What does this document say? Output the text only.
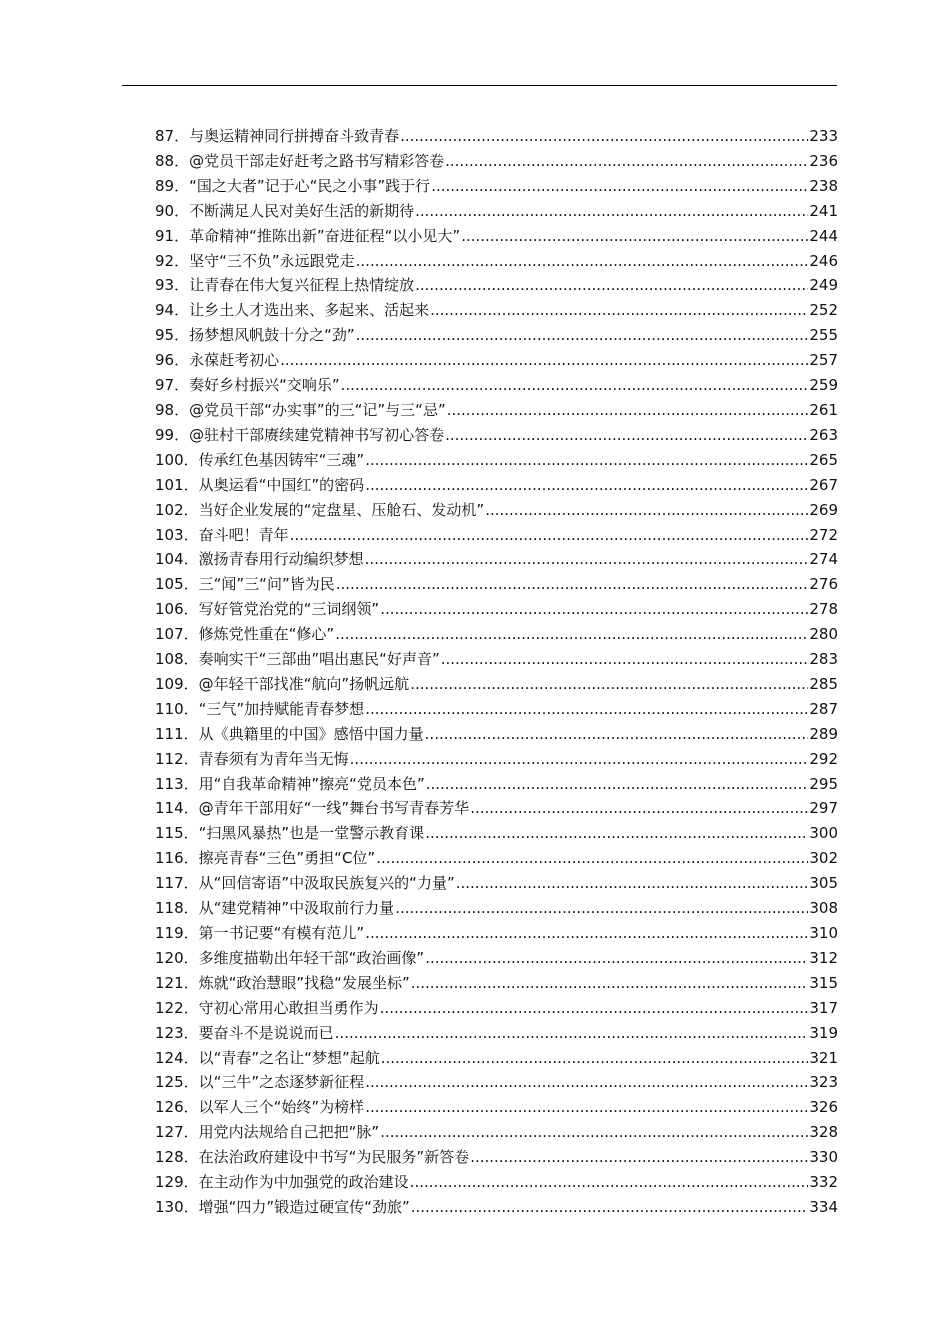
87． 与奥运精神同行拼搏奋斗致青春 .....	233
88． @党员干部走好赶考之路书写精彩答卷 .....	236
89． “国之大者”记于心“民之小事”践于行 .....	238
90． 不断满足人民对美好生活的新期待 .....	241
91． 革命精神“推陈出新”奋进征程“以小见大” .....	244
92． 坚守“三不负”永远跟党走 .....	246
93． 让青春在伟大复兴征程上热情绽放 .....	249
94． 让乡土人才选出来、多起来、活起来 .....	252
95． 扬梦想风帆鼓十分之“劲” .....	255
96． 永葆赶考初心 .....	257
97． 奏好乡村振兴“交响乐” .....	259
98． @党员干部“办实事”的三“记”与三“忌” .....	261
99． @驻村干部赓续建党精神书写初心答卷 .....	263
100． 传承红色基因铸牢“三魂” .....	265
101． 从奥运看“中国红”的密码 .....	267
102． 当好企业发展的“定盘星、压舱石、发动机” .....	269
103． 奋斗吧！青年 .....	272
104． 激扬青春用行动编织梦想 .....	274
105． 三“闻”三“问”皆为民 .....	276
106． 写好管党治党的“三词纲领” .....	278
107． 修炼党性重在“修心” .....	280
108． 奏响实干“三部曲”唱出惠民“好声音” .....	283
109． @年轻干部找准“航向”扬帆远航 .....	285
110． “三气”加持赋能青春梦想 .....	287
111． 从《典籍里的中国》感悟中国力量 .....	289
112． 青春须有为青年当无悔 .....	292
113． 用“自我革命精神”擦亮“党员本色” .....	295
114． @青年干部用好“一线”舞台书写青春芳华 .....	297
115． “扫黑风暴热”也是一堂警示教育课 .....	300
116． 擦亮青春“三色”勇担“C位” .....	302
117． 从“回信寄语”中汲取民族复兴的“力量” .....	305
118． 从“建党精神”中汲取前行力量 .....	308
119． 第一书记要“有模有范儿” .....	310
120． 多维度描勒出年轻干部“政治画像” .....	312
121． 炼就“政治慧眼”找稳“发展坐标” .....	315
122． 守初心常用心敢担当勇作为 .....	317
123． 要奋斗不是说说而已 .....	319
124． 以“青春”之名让“梦想”起航 .....	321
125． 以“三牛”之态逐梦新征程 .....	323
126． 以军人三个“始终”为榜样 .....	326
127． 用党内法规给自己把把“脉” .....	328
128． 在法治政府建设中书写“为民服务”新答卷 .....	330
129． 在主动作为中加强党的政治建设 .....	332
130． 增强“四力”锻造过硬宣传“劲旅” .....	334
